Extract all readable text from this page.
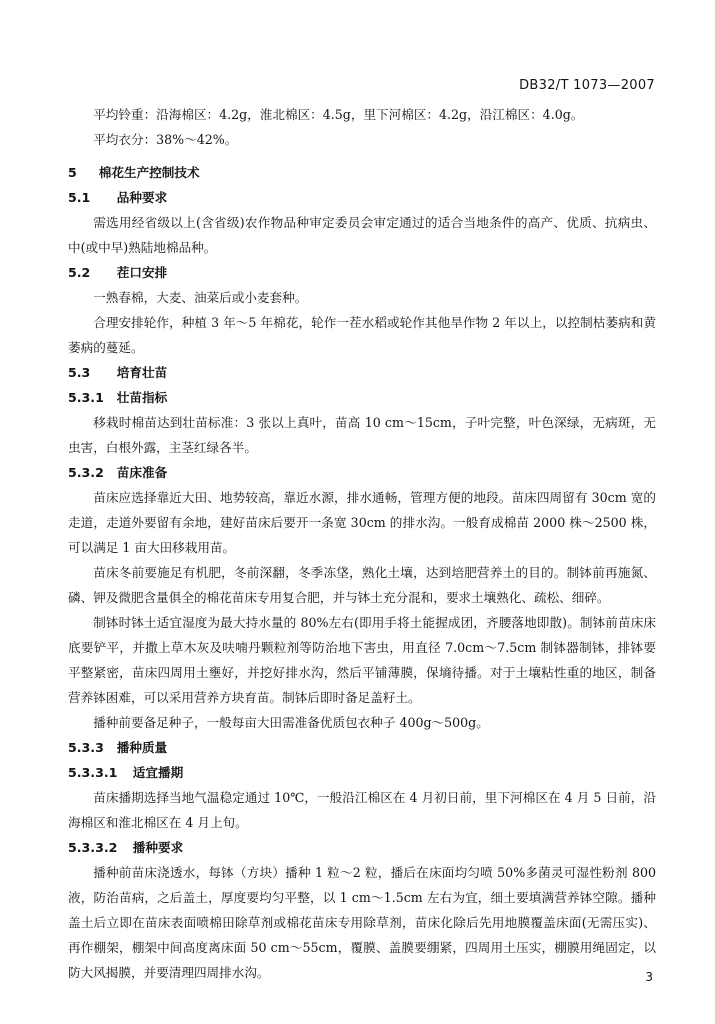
DB32/T 1073—2007

平均铃重：沿海棉区：4.2g，淮北棉区：4.5g，里下河棉区：4.2g，沿江棉区：4.0g。

平均衣分：38%～42%。

5 棉花生产控制技术

5.1 品种要求

需选用经省级以上(含省级)农作物品种审定委员会审定通过的适合当地条件的高产、优质、抗病虫、中(或中早)熟陆地棉品种。

5.2 茬口安排

一熟春棉，大麦、油菜后或小麦套种。

合理安排轮作，种植 3 年～5 年棉花，轮作一茬水稻或轮作其他旱作物 2 年以上，以控制枯萎病和黄萎病的蔓延。

5.3 培育壮苗

5.3.1 壮苗指标

移栽时棉苗达到壮苗标准：3 张以上真叶，苗高 10 cm～15cm，子叶完整，叶色深绿，无病斑，无虫害，白根外露，主茎红绿各半。

5.3.2 苗床准备

苗床应选择靠近大田、地势较高，靠近水源，排水通畅，管理方便的地段。苗床四周留有 30cm 宽的走道，走道外要留有余地，建好苗床后要开一条宽 30cm 的排水沟。一般育成棉苗 2000 株～2500 株，可以满足 1 亩大田移栽用苗。

苗床冬前要施足有机肥，冬前深翻，冬季冻垡，熟化土壤，达到培肥营养土的目的。制钵前再施氮、磷、钾及微肥含量俱全的棉花苗床专用复合肥，并与钵土充分混和，要求土壤熟化、疏松、细碎。

制钵时钵土适宜湿度为最大持水量的 80%左右(即用手将土能握成团，齐腰落地即散)。制钵前苗床床底要铲平，并撒上草木灰及呋喃丹颗粒剂等防治地下害虫，用直径 7.0cm～7.5cm 制钵器制钵，排钵要平整紧密，苗床四周用土壅好，并挖好排水沟，然后平铺薄膜，保墒待播。对于土壤粘性重的地区，制备营养钵困难，可以采用营养方块育苗。制钵后即时备足盖籽土。

播种前要备足种子，一般每亩大田需准备优质包衣种子 400g～500g。

5.3.3 播种质量

5.3.3.1 适宜播期

苗床播期选择当地气温稳定通过 10℃，一般沿江棉区在 4 月初日前，里下河棉区在 4 月 5 日前，沿海棉区和淮北棉区在 4 月上旬。

5.3.3.2 播种要求

播种前苗床浇透水，每钵（方块）播种 1 粒～2 粒，播后在床面均匀喷 50%多菌灵可湿性粉剂 800 液，防治苗病，之后盖土，厚度要均匀平整，以 1 cm～1.5cm 左右为宜，细土要填满营养钵空隙。播种盖土后立即在苗床表面喷棉田除草剂或棉花苗床专用除草剂，苗床化除后先用地膜覆盖床面(无需压实)、再作棚架，棚架中间高度离床面 50 cm～55cm，覆膜、盖膜要绷紧，四周用土压实，棚膜用绳固定，以防大风揭膜，并要清理四周排水沟。	3
